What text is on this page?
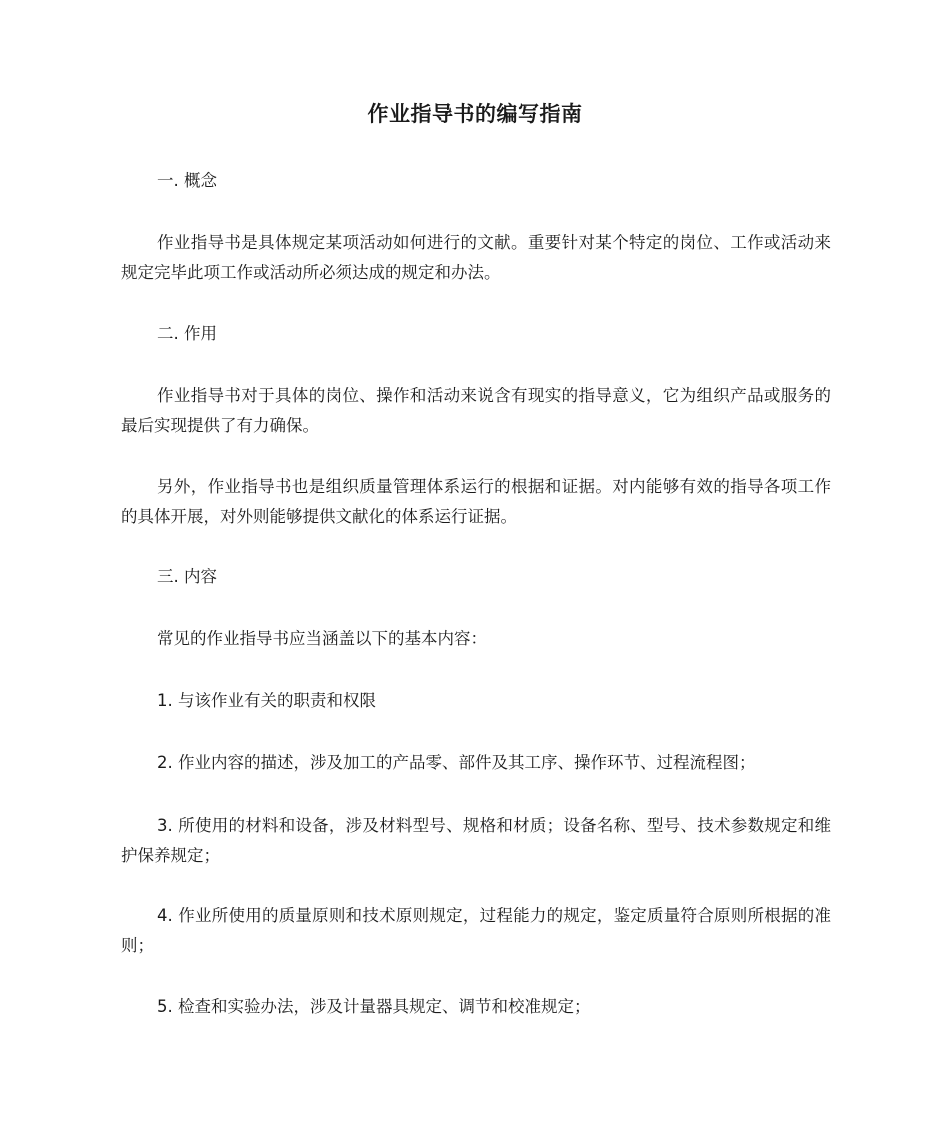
作业指导书的编写指南

一. 概念

作业指导书是具体规定某项活动如何进行的文献。重要针对某个特定的岗位、工作或活动来规定完毕此项工作或活动所必须达成的规定和办法。

二. 作用

作业指导书对于具体的岗位、操作和活动来说含有现实的指导意义，它为组织产品或服务的最后实现提供了有力确保。

另外，作业指导书也是组织质量管理体系运行的根据和证据。对内能够有效的指导各项工作的具体开展，对外则能够提供文献化的体系运行证据。

三. 内容

常见的作业指导书应当涵盖以下的基本内容：

1. 与该作业有关的职责和权限

2. 作业内容的描述，涉及加工的产品零、部件及其工序、操作环节、过程流程图；

3. 所使用的材料和设备，涉及材料型号、规格和材质；设备名称、型号、技术参数规定和维护保养规定；

4. 作业所使用的质量原则和技术原则规定，过程能力的规定，鉴定质量符合原则所根据的准则；

5. 检查和实验办法，涉及计量器具规定、调节和校准规定；
